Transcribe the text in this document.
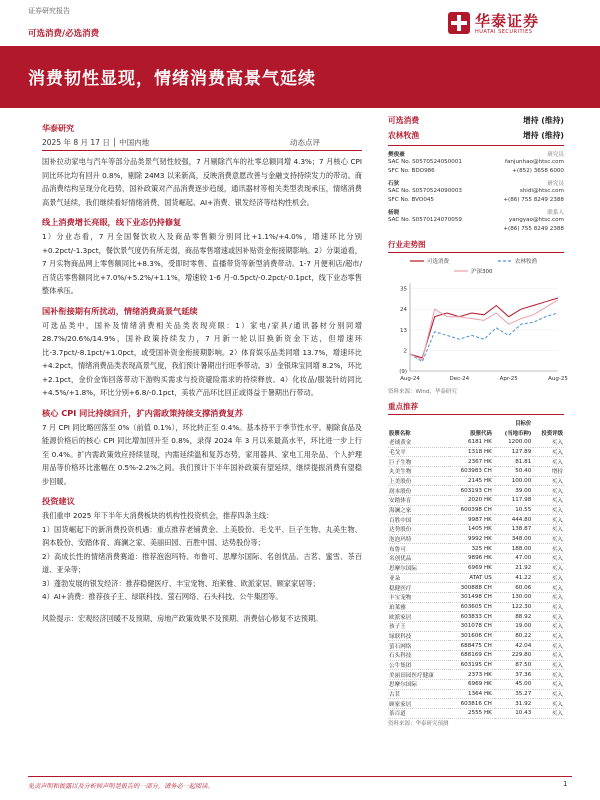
证券研究报告
可选消费/必选消费
华泰证券
HUATAI SECURITIES
消费韧性显现，情绪消费高景气延续
华泰研究
2025 年 8 月 17 日 │ 中国内地	动态点评

国补拉动家电与汽车等部分品类景气韧性较强，7 月剔除汽车的社零总额同增 4.3%；7 月核心 CPI 同比环比均有回升 0.8%，剔除 24M3 以来新高，反映消费意愿改善与金融支持持续发力的带动。商品消费结构呈现分化趋势，国补政策对产品消费逐步趋缓，通讯器材等相关类型表现承压，情绪消费高景气延续，我们继续看好情绪消费、国货崛起、AI+消费、银发经济等结构性机会。

线上消费增长亮眼，线下业态仍持修复

1）分业态看，7 月全国餐饮收入及商品零售额分别同比+1.1%/+4.0%，增速环比分别+0.2pct/-1.3pct，餐饮景气度仍有所走弱，商品零售增速或因补贴资金衔接期影响。2）分渠道看，7 月实物商品网上零售额同比+8.3%，受即时零售、直播带货等新型消费带动。1-7 月便利店/超市/百货店零售额同比+7.0%/+5.2%/+1.1%，增速较 1-6 月-0.5pct/-0.2pct/-0.1pct，线下业态零售整体承压。

国补衔接期有所扰动，情绪消费高景气延续

可选品类中，国补及情绪消费相关品类表现亮眼：1）家电/家具/通讯器材分别同增 28.7%/20.6%/14.9%，国补政策持续发力，7 月新一轮以旧换新资金下达，但增速环比-3.7pct/-8.1pct/+1.0pct，或受国补资金衔接期影响。2）体育娱乐品类同增 13.7%，增速环比+4.2pct，情绪消费品类表现高景气度，我们预计暑期出行旺季带动。3）金银珠宝同增 8.2%，环比+2.1pct，金价金饰回落带动下游购买需求与投资避险需求的持续释放。4）化妆品/服装针纺同比+4.5%/+1.8%，环比分别+6.8/-0.1pct，美妆产品环比回正或得益于暑期出行带动。

核心 CPI 同比持续回升，扩内需政策持续支撑消费复苏

7 月 CPI 同比略回落至 0%（前值 0.1%），环比转正至 0.4%。基本持平于季节性水平。剔除食品及能源价格后的核心 CPI 同比增加回升至 0.8%，录得 2024 年 3 月以来最高水平，环比进一步上行至 0.4%。扩内需政策效应持续显现，内需延续温和复苏态势，家用器具、家电工用杂品、个人护理用品等价格环比涨幅在 0.5%-2.2%之间。我们预计下半年国补政策有望延续，继续提振消费有望稳步回暖。

投资建议

我们重申 2025 年下半年大消费板块的机构性投资机会，推荐四条主线：
1）国货崛起下的新消费投资机遇：重点推荐老铺黄金、上美股份、毛戈平、巨子生物、丸美生物、润本股份、安踏体育、海澜之家、美丽田园、百胜中国、达势股份等；
2）高成长性的情绪消费赛道：推荐泡泡玛特、布鲁可、思摩尔国际、名创优品、古茗、蜜雪、茶百道、亚朵等；
3）蓬勃发展的银发经济：推荐稳健医疗、丰宝宠物、珀莱雅、欧派家居、顾家家居等；
4）AI+消费：推荐孩子王、绿联科技、萤石网络、石头科技、公牛集团等。

风险提示：宏观经济回暖不及预期、房地产政策效果不及预期、消费信心修复不达预期。

可选消费	增持 (维持)
农林牧渔	增持 (维持)
樊俊豪	研究员
SAC No. S0570524050001	fanjunhao@htsc.com
SFC No. BDO986	+(852) 3658 6000
石狄	研究员
SAC No. S0570524090003	shidi@htsc.com
SFC No. BVO045	+(86) 755 8249 2388
杨晓	联系人
SAC No. S0570124070059	yangyao@htsc.com
+(86) 755 8249 2388
行业走势图
可选消费	农林牧渔
沪深300
35
24
13
2
(9)
Aug-24	Dec-24	Apr-25	Aug-25
资料来源：Wind，华泰研究
重点推荐
		目标价	
股票名称	股票代码	(当地币种)	投资评级
老铺黄金	6181 HK	1200.00	买入
毛戈平	1318 HK	127.89	买入
巨子生物	2367 HK	81.81	买入
丸美生物	603983 CH	50.40	增持
上美股份	2145 HK	100.00	买入
润本股份	603193 CH	39.00	买入
安踏体育	2020 HK	117.98	买入
海澜之家	600398 CH	10.55	买入
百胜中国	9987 HK	444.80	买入
达势股份	1405 HK	138.87	买入
泡泡玛特	9992 HK	348.00	买入
布鲁可	325 HK	188.00	买入
名创优品	9896 HK	47.00	买入
思摩尔国际	6969 HK	21.92	买入
亚朵	ATAT US	41.22	买入
稳健医疗	300888 CH	60.06	买入
丰宝宠物	301498 CH	130.00	买入
珀莱雅	603605 CH	122.30	买入
欧派家居	603833 CH	88.92	买入
孩子王	301078 CH	19.00	买入
绿联科技	301606 CH	80.22	买入
萤石网络	688475 CH	42.04	买入
石头科技	688169 CH	229.80	买入
公牛集团	603195 CH	87.50	买入
美丽田园医疗健康	2373 HK	37.36	买入
思摩尔国际	6969 HK	45.00	买入
古茗	1364 HK	35.27	买入
顾家家居	603816 CH	31.92	买入
茶百道	2555 HK	10.43	买入
资料来源：华泰研究预测
免责声明和披露以及分析师声明是报告的一部分，请务必一起阅读。	1
